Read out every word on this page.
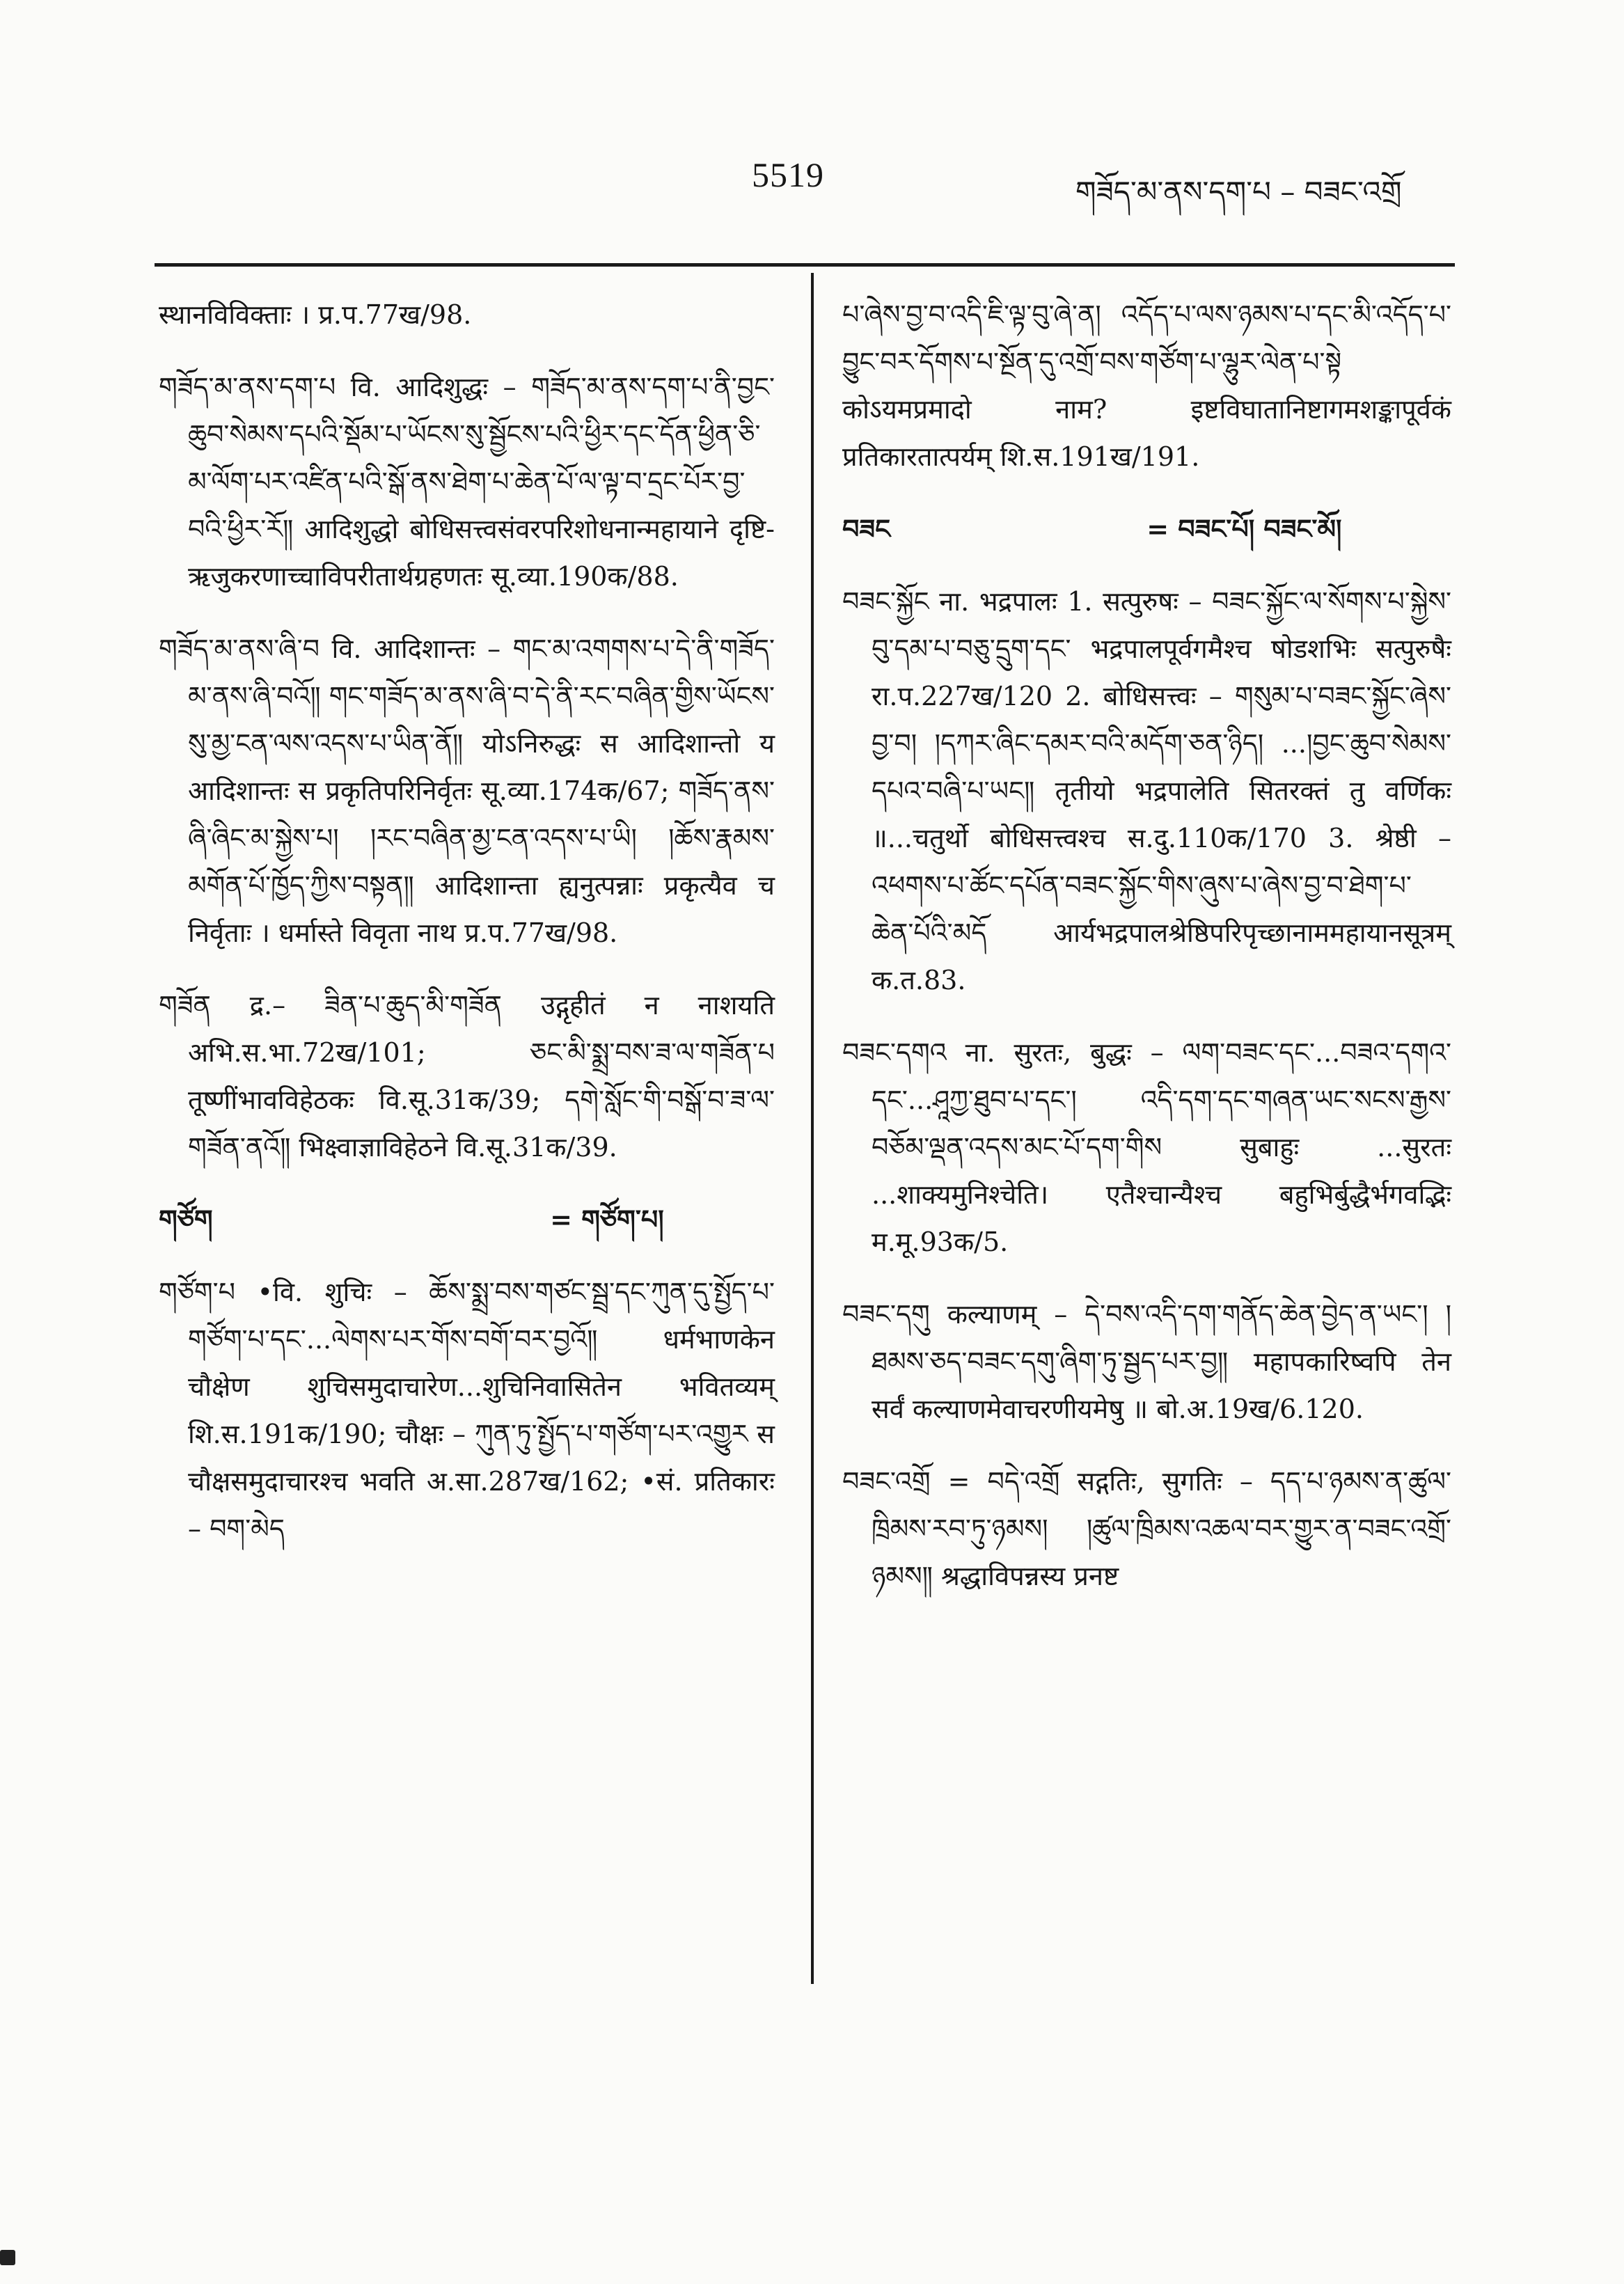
5519	གཟོད་མ་ནས་དག་པ – བཟང་འགྲོ

स्थानविविक्ताः । प्र.प.77ख/98.

གཟོད་མ་ནས་དག་པ वि. आदिशुद्धः – གཟོད་མ་ནས་དག་པ་ནི་བྱང་ཆུབ་སེམས་དཔའི་སྡོམ་པ་ཡོངས་སུ་སྦྱོངས་པའི་ཕྱིར་དང་དོན་ཕྱིན་ཅི་མ་ལོག་པར་འཛིན་པའི་སྒོ་ནས་ཐེག་པ་ཆེན་པོ་ལ་ལྟ་བ་དྲང་པོར་བྱ་བའི་ཕྱིར་རོ༎ आदिशुद्धो बोधिसत्त्वसंवरपरिशोधनान्महायाने दृष्टि-ऋजुकरणाच्चाविपरीतार्थग्रहणतः सू.व्या.190क/88.

གཟོད་མ་ནས་ཞི་བ वि. आदिशान्तः – གང་མ་འགགས་པ་དེ་ནི་གཟོད་མ་ནས་ཞི་བའོ༎ གང་གཟོད་མ་ནས་ཞི་བ་དེ་ནི་རང་བཞིན་གྱིས་ཡོངས་སུ་མྱ་ངན་ལས་འདས་པ་ཡིན་ནོ༎ योऽनिरुद्धः स आदिशान्तो य आदिशान्तः स प्रकृतिपरिनिर्वृतः सू.व्या.174क/67; གཟོད་ནས་ཞི་ཞིང་མ་སྐྱེས་པ། །རང་བཞིན་མྱ་ངན་འདས་པ་ཡི། །ཆོས་རྣམས་མགོན་པོ་ཁྱོད་ཀྱིས་བསྟན༎ आदिशान्ता ह्यनुत्पन्नाः प्रकृत्यैव च निर्वृताः । धर्मास्ते विवृता नाथ प्र.प.77ख/98.

གཟོན द्र.– ཟིན་པ་ཆུད་མི་གཟོན उद्गृहीतं न नाशयति अभि.स.भा.72ख/101; ཅང་མི་སྨྲ་བས་ཟ་ལ་གཟོན་པ तूष्णींभावविहेठकः वि.सू.31क/39; དགེ་སློང་གི་བསྒོ་བ་ཟ་ལ་གཟོན་ནའོ༎ भिक्ष्वाज्ञाविहेठने वि.सू.31क/39.

གཙོག	= གཙོག་པ།

གཙོག་པ •वि. शुचिः – ཆོས་སྨྲ་བས་གཙང་སྦྲ་དང་ཀུན་དུ་སྤྱོད་པ་གཙོག་པ་དང་...ལེགས་པར་གོས་བགོ་བར་བྱའོ༎ धर्मभाणकेन चौक्षेण शुचिसमुदाचारेण...शुचिनिवासितेन भवितव्यम् शि.स.191क/190; चौक्षः – ཀུན་ཏུ་སྤྱོད་པ་གཙོག་པར་འགྱུར स चौक्षसमुदाचारश्च भवति अ.सा.287ख/162; •सं. प्रतिकारः – བག་མེད

པ་ཞེས་བྱ་བ་འདི་ཇི་ལྟ་བུ་ཞེ་ན། འདོད་པ་ལས་ཉམས་པ་དང་མི་འདོད་པ་བྱུང་བར་དོགས་པ་སྔོན་དུ་འགྲོ་བས་གཙོག་པ་ལྷུར་ལེན་པ་སྟེ कोऽयमप्रमादो नाम? इष्टविघातानिष्टागमशङ्कापूर्वकं प्रतिकारतात्पर्यम् शि.स.191ख/191.

བཟང	= བཟང་པོ། བཟང་མོ།

བཟང་སྐྱོང ना. भद्रपालः 1. सत्पुरुषः – བཟང་སྐྱོང་ལ་སོགས་པ་སྐྱེས་བུ་དམ་པ་བཅུ་དྲུག་དང་ भद्रपालपूर्वगमैश्च षोडशभिः सत्पुरुषैः रा.प.227ख/120 2. बोधिसत्त्वः – གསུམ་པ་བཟང་སྐྱོང་ཞེས་བྱ་བ། །དཀར་ཞིང་དམར་བའི་མདོག་ཅན་ཉིད། ...།བྱང་ཆུབ་སེམས་དཔའ་བཞི་པ་ཡང༎ तृतीयो भद्रपालेति सितरक्तं तु वर्णिकः ॥...चतुर्थो बोधिसत्त्वश्च स.दु.110क/170 3. श्रेष्ठी – འཕགས་པ་ཚོང་དཔོན་བཟང་སྐྱོང་གིས་ཞུས་པ་ཞེས་བྱ་བ་ཐེག་པ་ཆེན་པོའི་མདོ आर्यभद्रपालश्रेष्ठिपरिपृच्छानाममहायानसूत्रम् क.त.83.

བཟང་དགའ ना. सुरतः, बुद्धः – ལག་བཟང་དང་...བཟའ་དགའ་དང་...ཤཱཀྱ་ཐུབ་པ་དང་། འདི་དག་དང་གཞན་ཡང་སངས་རྒྱས་བཅོམ་ལྡན་འདས་མང་པོ་དག་གིས सुबाहुः ...सुरतः ...शाक्यमुनिश्चेति। एतैश्चान्यैश्च बहुभिर्बुद्धैर्भगवद्भिः म.मू.93क/5.

བཟང་དགུ कल्याणम् – དེ་བས་འདི་དག་གནོད་ཆེན་བྱེད་ན་ཡང་། །ཐམས་ཅད་བཟང་དགུ་ཞིག་ཏུ་སྦྱད་པར་བྱ༎ महापकारिष्वपि तेन सर्वं कल्याणमेवाचरणीयमेषु ॥ बो.अ.19ख/6.120.

བཟང་འགྲོ = བདེ་འགྲོ सद्गतिः, सुगतिः – དད་པ་ཉམས་ན་ཚུལ་ཁྲིམས་རབ་ཏུ་ཉམས། །ཚུལ་ཁྲིམས་འཆལ་བར་གྱུར་ན་བཟང་འགྲོ་ཉམས༎ श्रद्धाविपन्नस्य प्रनष्ट
